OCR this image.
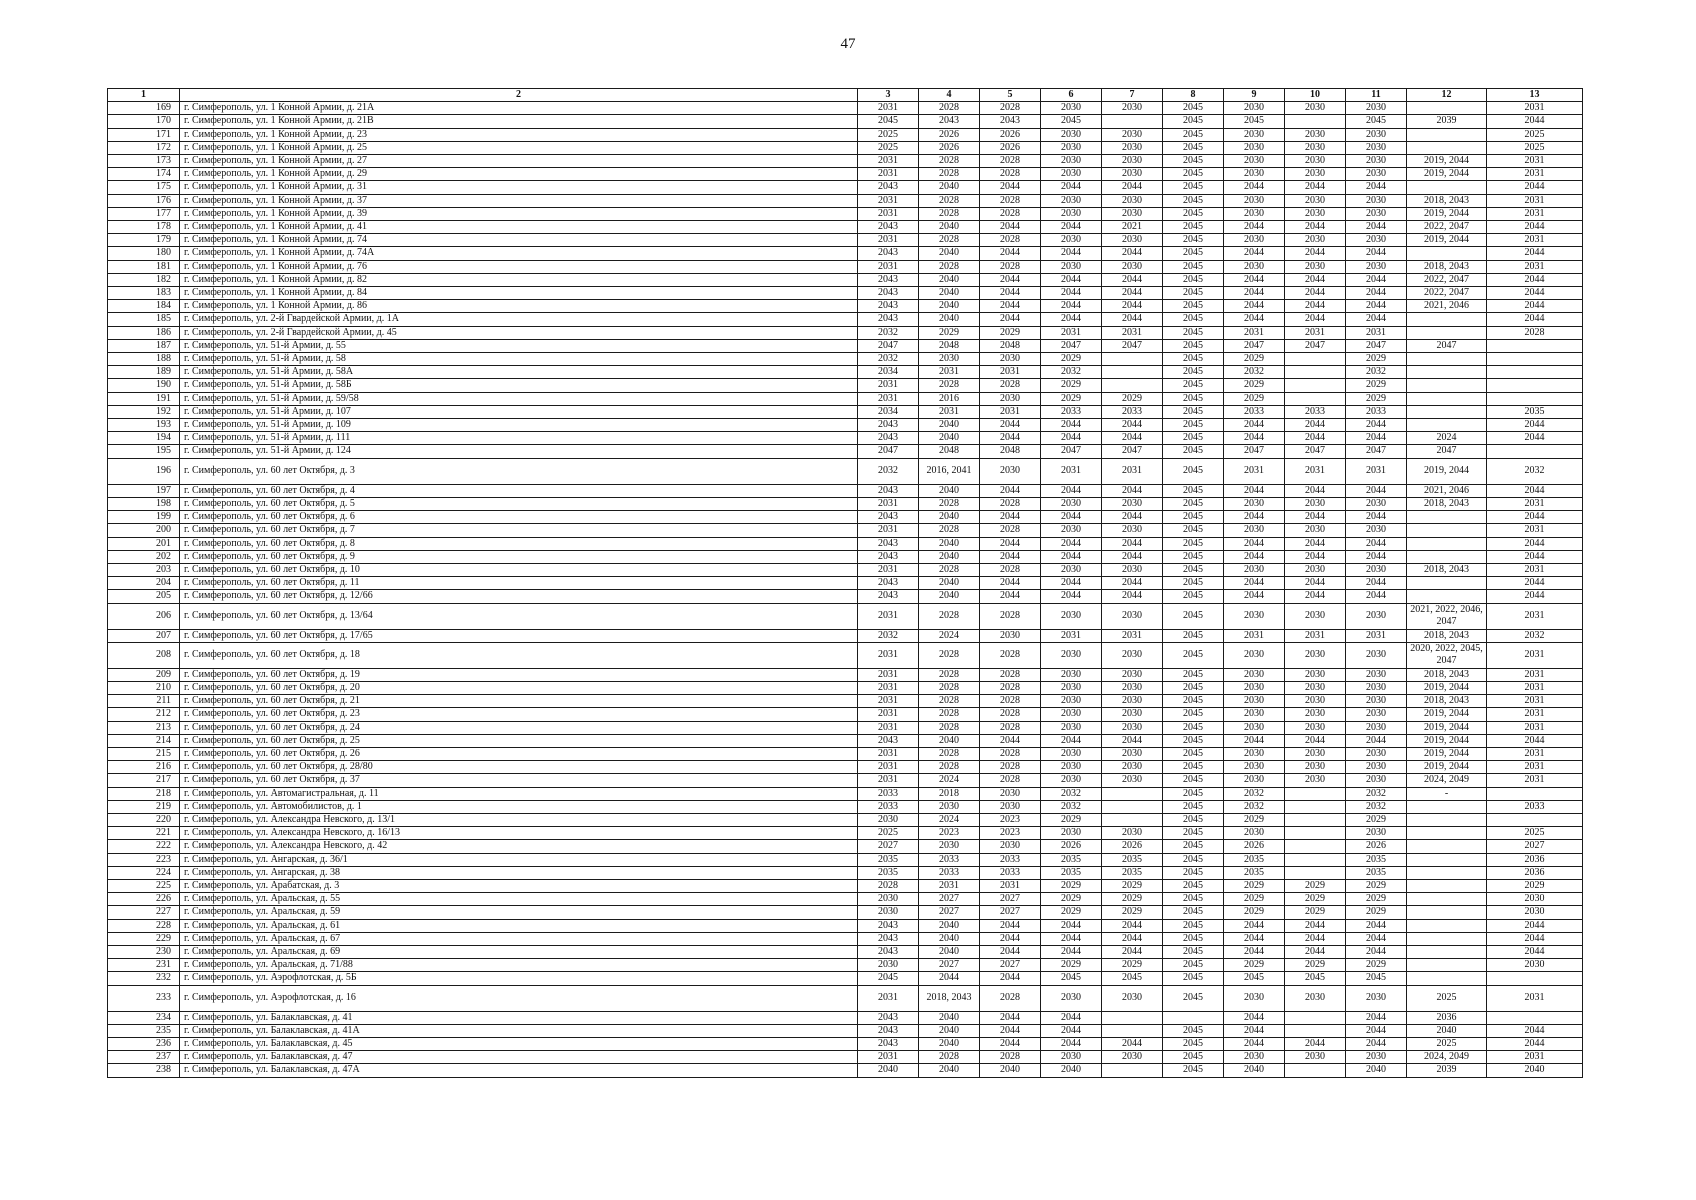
47
1	2	3	4	5	6	7	8	9	10	11	12	13
169	г. Симферополь, ул. 1 Конной Армии, д. 21А	2031	2028	2028	2030	2030	2045	2030	2030	2030		2031
170	г. Симферополь, ул. 1 Конной Армии, д. 21В	2045	2043	2043	2045		2045	2045		2045	2039	2044
171	г. Симферополь, ул. 1 Конной Армии, д. 23	2025	2026	2026	2030	2030	2045	2030	2030	2030		2025
172	г. Симферополь, ул. 1 Конной Армии, д. 25	2025	2026	2026	2030	2030	2045	2030	2030	2030		2025
173	г. Симферополь, ул. 1 Конной Армии, д. 27	2031	2028	2028	2030	2030	2045	2030	2030	2030	2019, 2044	2031
174	г. Симферополь, ул. 1 Конной Армии, д. 29	2031	2028	2028	2030	2030	2045	2030	2030	2030	2019, 2044	2031
175	г. Симферополь, ул. 1 Конной Армии, д. 31	2043	2040	2044	2044	2044	2045	2044	2044	2044		2044
176	г. Симферополь, ул. 1 Конной Армии, д. 37	2031	2028	2028	2030	2030	2045	2030	2030	2030	2018, 2043	2031
177	г. Симферополь, ул. 1 Конной Армии, д. 39	2031	2028	2028	2030	2030	2045	2030	2030	2030	2019, 2044	2031
178	г. Симферополь, ул. 1 Конной Армии, д. 41	2043	2040	2044	2044	2021	2045	2044	2044	2044	2022, 2047	2044
179	г. Симферополь, ул. 1 Конной Армии, д. 74	2031	2028	2028	2030	2030	2045	2030	2030	2030	2019, 2044	2031
180	г. Симферополь, ул. 1 Конной Армии, д. 74А	2043	2040	2044	2044	2044	2045	2044	2044	2044		2044
181	г. Симферополь, ул. 1 Конной Армии, д. 76	2031	2028	2028	2030	2030	2045	2030	2030	2030	2018, 2043	2031
182	г. Симферополь, ул. 1 Конной Армии, д. 82	2043	2040	2044	2044	2044	2045	2044	2044	2044	2022, 2047	2044
183	г. Симферополь, ул. 1 Конной Армии, д. 84	2043	2040	2044	2044	2044	2045	2044	2044	2044	2022, 2047	2044
184	г. Симферополь, ул. 1 Конной Армии, д. 86	2043	2040	2044	2044	2044	2045	2044	2044	2044	2021, 2046	2044
185	г. Симферополь, ул. 2-й Гвардейской Армии, д. 1А	2043	2040	2044	2044	2044	2045	2044	2044	2044		2044
186	г. Симферополь, ул. 2-й Гвардейской Армии, д. 45	2032	2029	2029	2031	2031	2045	2031	2031	2031		2028
187	г. Симферополь, ул. 51-й Армии, д. 55	2047	2048	2048	2047	2047	2045	2047	2047	2047	2047	
188	г. Симферополь, ул. 51-й Армии, д. 58	2032	2030	2030	2029		2045	2029		2029		
189	г. Симферополь, ул. 51-й Армии, д. 58А	2034	2031	2031	2032		2045	2032		2032		
190	г. Симферополь, ул. 51-й Армии, д. 58Б	2031	2028	2028	2029		2045	2029		2029		
191	г. Симферополь, ул. 51-й Армии, д. 59/58	2031	2016	2030	2029	2029	2045	2029		2029		
192	г. Симферополь, ул. 51-й Армии, д. 107	2034	2031	2031	2033	2033	2045	2033	2033	2033		2035
193	г. Симферополь, ул. 51-й Армии, д. 109	2043	2040	2044	2044	2044	2045	2044	2044	2044		2044
194	г. Симферополь, ул. 51-й Армии, д. 111	2043	2040	2044	2044	2044	2045	2044	2044	2044	2024	2044
195	г. Симферополь, ул. 51-й Армии, д. 124	2047	2048	2048	2047	2047	2045	2047	2047	2047	2047	
196	г. Симферополь, ул. 60 лет Октября, д. 3	2032	2016, 2041	2030	2031	2031	2045	2031	2031	2031	2019, 2044	2032
197	г. Симферополь, ул. 60 лет Октября, д. 4	2043	2040	2044	2044	2044	2045	2044	2044	2044	2021, 2046	2044
198	г. Симферополь, ул. 60 лет Октября, д. 5	2031	2028	2028	2030	2030	2045	2030	2030	2030	2018, 2043	2031
199	г. Симферополь, ул. 60 лет Октября, д. 6	2043	2040	2044	2044	2044	2045	2044	2044	2044		2044
200	г. Симферополь, ул. 60 лет Октября, д. 7	2031	2028	2028	2030	2030	2045	2030	2030	2030		2031
201	г. Симферополь, ул. 60 лет Октября, д. 8	2043	2040	2044	2044	2044	2045	2044	2044	2044		2044
202	г. Симферополь, ул. 60 лет Октября, д. 9	2043	2040	2044	2044	2044	2045	2044	2044	2044		2044
203	г. Симферополь, ул. 60 лет Октября, д. 10	2031	2028	2028	2030	2030	2045	2030	2030	2030	2018, 2043	2031
204	г. Симферополь, ул. 60 лет Октября, д. 11	2043	2040	2044	2044	2044	2045	2044	2044	2044		2044
205	г. Симферополь, ул. 60 лет Октября, д. 12/66	2043	2040	2044	2044	2044	2045	2044	2044	2044		2044
206	г. Симферополь, ул. 60 лет Октября, д. 13/64	2031	2028	2028	2030	2030	2045	2030	2030	2030	2021, 2022, 2046, 2047	2031
207	г. Симферополь, ул. 60 лет Октября, д. 17/65	2032	2024	2030	2031	2031	2045	2031	2031	2031	2018, 2043	2032
208	г. Симферополь, ул. 60 лет Октября, д. 18	2031	2028	2028	2030	2030	2045	2030	2030	2030	2020, 2022, 2045, 2047	2031
209	г. Симферополь, ул. 60 лет Октября, д. 19	2031	2028	2028	2030	2030	2045	2030	2030	2030	2018, 2043	2031
210	г. Симферополь, ул. 60 лет Октября, д. 20	2031	2028	2028	2030	2030	2045	2030	2030	2030	2019, 2044	2031
211	г. Симферополь, ул. 60 лет Октября, д. 21	2031	2028	2028	2030	2030	2045	2030	2030	2030	2018, 2043	2031
212	г. Симферополь, ул. 60 лет Октября, д. 23	2031	2028	2028	2030	2030	2045	2030	2030	2030	2019, 2044	2031
213	г. Симферополь, ул. 60 лет Октября, д. 24	2031	2028	2028	2030	2030	2045	2030	2030	2030	2019, 2044	2031
214	г. Симферополь, ул. 60 лет Октября, д. 25	2043	2040	2044	2044	2044	2045	2044	2044	2044	2019, 2044	2044
215	г. Симферополь, ул. 60 лет Октября, д. 26	2031	2028	2028	2030	2030	2045	2030	2030	2030	2019, 2044	2031
216	г. Симферополь, ул. 60 лет Октября, д. 28/80	2031	2028	2028	2030	2030	2045	2030	2030	2030	2019, 2044	2031
217	г. Симферополь, ул. 60 лет Октября, д. 37	2031	2024	2028	2030	2030	2045	2030	2030	2030	2024, 2049	2031
218	г. Симферополь, ул. Автомагистральная, д. 11	2033	2018	2030	2032		2045	2032		2032	-	
219	г. Симферополь, ул. Автомобилистов, д. 1	2033	2030	2030	2032		2045	2032		2032		2033
220	г. Симферополь, ул. Александра Невского, д. 13/1	2030	2024	2023	2029		2045	2029		2029		
221	г. Симферополь, ул. Александра Невского, д. 16/13	2025	2023	2023	2030	2030	2045	2030		2030		2025
222	г. Симферополь, ул. Александра Невского, д. 42	2027	2030	2030	2026	2026	2045	2026		2026		2027
223	г. Симферополь, ул. Ангарская, д. 36/1	2035	2033	2033	2035	2035	2045	2035		2035		2036
224	г. Симферополь, ул. Ангарская, д. 38	2035	2033	2033	2035	2035	2045	2035		2035		2036
225	г. Симферополь, ул. Арабатская, д. 3	2028	2031	2031	2029	2029	2045	2029	2029	2029		2029
226	г. Симферополь, ул. Аральская, д. 55	2030	2027	2027	2029	2029	2045	2029	2029	2029		2030
227	г. Симферополь, ул. Аральская, д. 59	2030	2027	2027	2029	2029	2045	2029	2029	2029		2030
228	г. Симферополь, ул. Аральская, д. 61	2043	2040	2044	2044	2044	2045	2044	2044	2044		2044
229	г. Симферополь, ул. Аральская, д. 67	2043	2040	2044	2044	2044	2045	2044	2044	2044		2044
230	г. Симферополь, ул. Аральская, д. 69	2043	2040	2044	2044	2044	2045	2044	2044	2044		2044
231	г. Симферополь, ул. Аральская, д. 71/88	2030	2027	2027	2029	2029	2045	2029	2029	2029		2030
232	г. Симферополь, ул. Аэрофлотская, д. 5Б	2045	2044	2044	2045	2045	2045	2045	2045	2045		
233	г. Симферополь, ул. Аэрофлотская, д. 16	2031	2018, 2043	2028	2030	2030	2045	2030	2030	2030	2025	2031
234	г. Симферополь, ул. Балаклавская, д. 41	2043	2040	2044	2044			2044		2044	2036	
235	г. Симферополь, ул. Балаклавская, д. 41А	2043	2040	2044	2044		2045	2044		2044	2040	2044
236	г. Симферополь, ул. Балаклавская, д. 45	2043	2040	2044	2044	2044	2045	2044	2044	2044	2025	2044
237	г. Симферополь, ул. Балаклавская, д. 47	2031	2028	2028	2030	2030	2045	2030	2030	2030	2024, 2049	2031
238	г. Симферополь, ул. Балаклавская, д. 47А	2040	2040	2040	2040		2045	2040		2040	2039	2040
